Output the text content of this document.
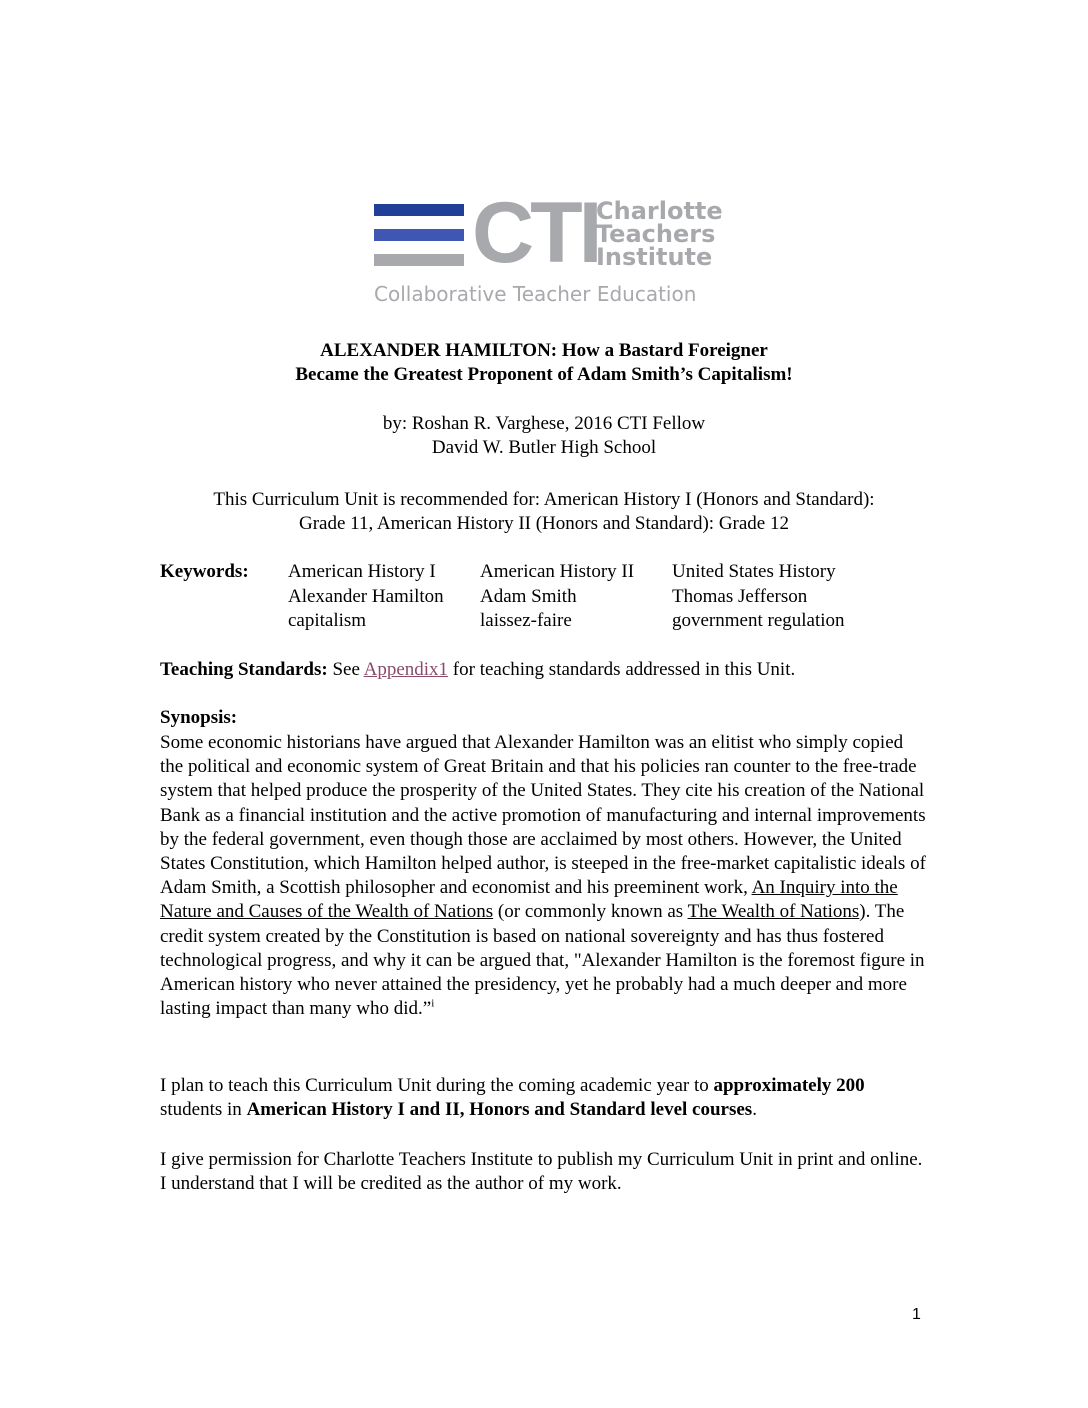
CTI
Charlotte
Teachers
Institute
Collaborative Teacher Education
ALEXANDER HAMILTON: How a Bastard Foreigner
Became the Greatest Proponent of Adam Smith’s Capitalism!
by: Roshan R. Varghese, 2016 CTI Fellow
David W. Butler High School
This Curriculum Unit is recommended for: American History I (Honors and Standard):
Grade 11, American History II (Honors and Standard): Grade 12
Keywords: American History I
Alexander Hamilton
capitalism
American History II
Adam Smith
laissez-faire
United States History
Thomas Jefferson
government regulation
Teaching Standards: See Appendix1 for teaching standards addressed in this Unit.
Synopsis:
Some economic historians have argued that Alexander Hamilton was an elitist who simply copied the political and economic system of Great Britain and that his policies ran counter to the free-trade system that helped produce the prosperity of the United States. They cite his creation of the National Bank as a financial institution and the active promotion of manufacturing and internal improvements by the federal government, even though those are acclaimed by most others. However, the United States Constitution, which Hamilton helped author, is steeped in the free-market capitalistic ideals of Adam Smith, a Scottish philosopher and economist and his preeminent work, An Inquiry into the Nature and Causes of the Wealth of Nations (or commonly known as The Wealth of Nations). The credit system created by the Constitution is based on national sovereignty and has thus fostered technological progress, and why it can be argued that, "Alexander Hamilton is the foremost figure in American history who never attained the presidency, yet he probably had a much deeper and more lasting impact than many who did.”$^i$
I plan to teach this Curriculum Unit during the coming academic year to approximately 200 students in American History I and II, Honors and Standard level courses.
I give permission for Charlotte Teachers Institute to publish my Curriculum Unit in print and online. I understand that I will be credited as the author of my work.
1
